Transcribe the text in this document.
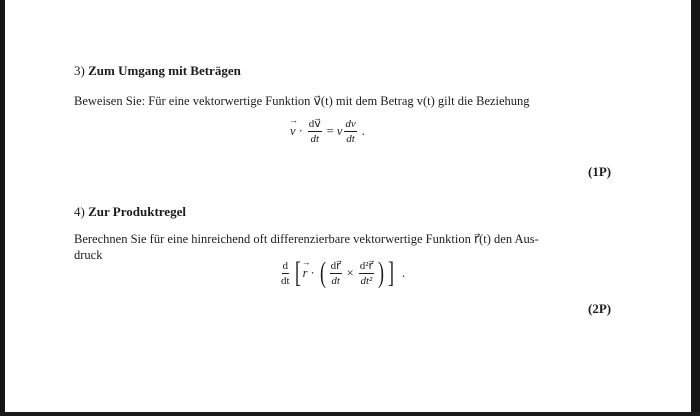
3) Zum Umgang mit Beträgen
Beweisen Sie: Für eine vektorwertige Funktion v⃗(t) mit dem Betrag v(t) gilt die Beziehung
→ $v \cdot \frac{dv⃗}{dt} = v \frac{dv}{dt}$ .
(1P)
4) Zur Produktregel
Berechnen Sie für eine hinreichend oft differenzierbare vektorwertige Funktion r⃗(t) den Aus-
druck
$\frac{d}{dt}$ [
→ r · ( $\frac{dr⃗}{dt} \times \frac{\text{d²r⃗}}{\text{dt²}}$ ) ] .
(2P)
